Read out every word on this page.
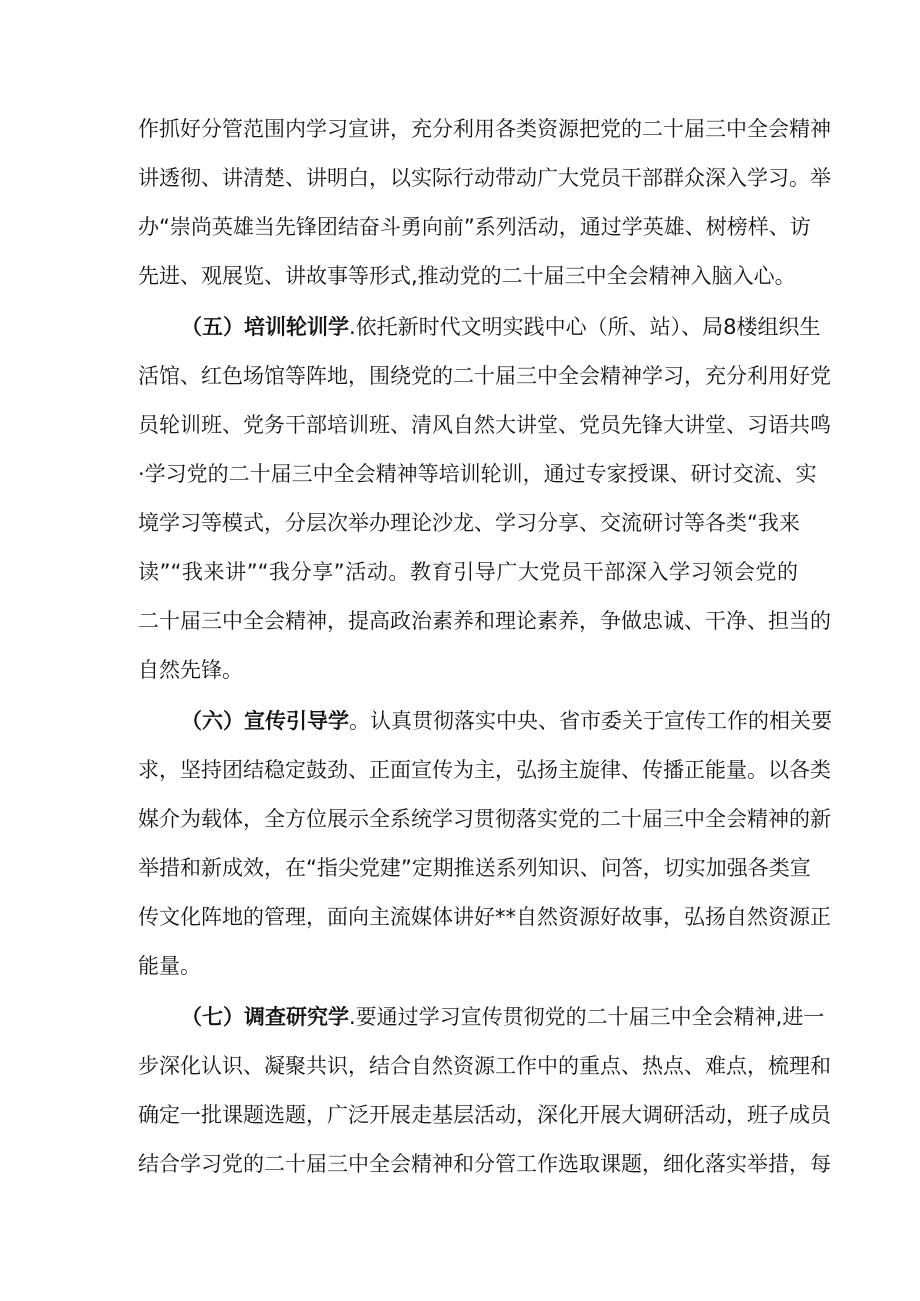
作抓好分管范围内学习宣讲，充分利用各类资源把党的二十届三中全会精神
讲透彻、讲清楚、讲明白，以实际行动带动广大党员干部群众深入学习。举
办“崇尚英雄当先锋团结奋斗勇向前”系列活动，通过学英雄、树榜样、访
先进、观展览、讲故事等形式,推动党的二十届三中全会精神入脑入心。
（五）培训轮训学.依托新时代文明实践中心（所、站）、局8楼组织生
活馆、红色场馆等阵地，围绕党的二十届三中全会精神学习，充分利用好党
员轮训班、党务干部培训班、清风自然大讲堂、党员先锋大讲堂、习语共鸣
·学习党的二十届三中全会精神等培训轮训，通过专家授课、研讨交流、实
境学习等模式，分层次举办理论沙龙、学习分享、交流研讨等各类“我来
读”“我来讲”“我分享”活动。教育引导广大党员干部深入学习领会党的
二十届三中全会精神，提高政治素养和理论素养，争做忠诚、干净、担当的
自然先锋。
（六）宣传引导学。认真贯彻落实中央、省市委关于宣传工作的相关要
求，坚持团结稳定鼓劲、正面宣传为主，弘扬主旋律、传播正能量。以各类
媒介为载体，全方位展示全系统学习贯彻落实党的二十届三中全会精神的新
举措和新成效，在“指尖党建”定期推送系列知识、问答，切实加强各类宣
传文化阵地的管理，面向主流媒体讲好**自然资源好故事，弘扬自然资源正
能量。
（七）调查研究学.要通过学习宣传贯彻党的二十届三中全会精神,进一
步深化认识、凝聚共识，结合自然资源工作中的重点、热点、难点，梳理和
确定一批课题选题，广泛开展走基层活动，深化开展大调研活动，班子成员
结合学习党的二十届三中全会精神和分管工作选取课题，细化落实举措，每
